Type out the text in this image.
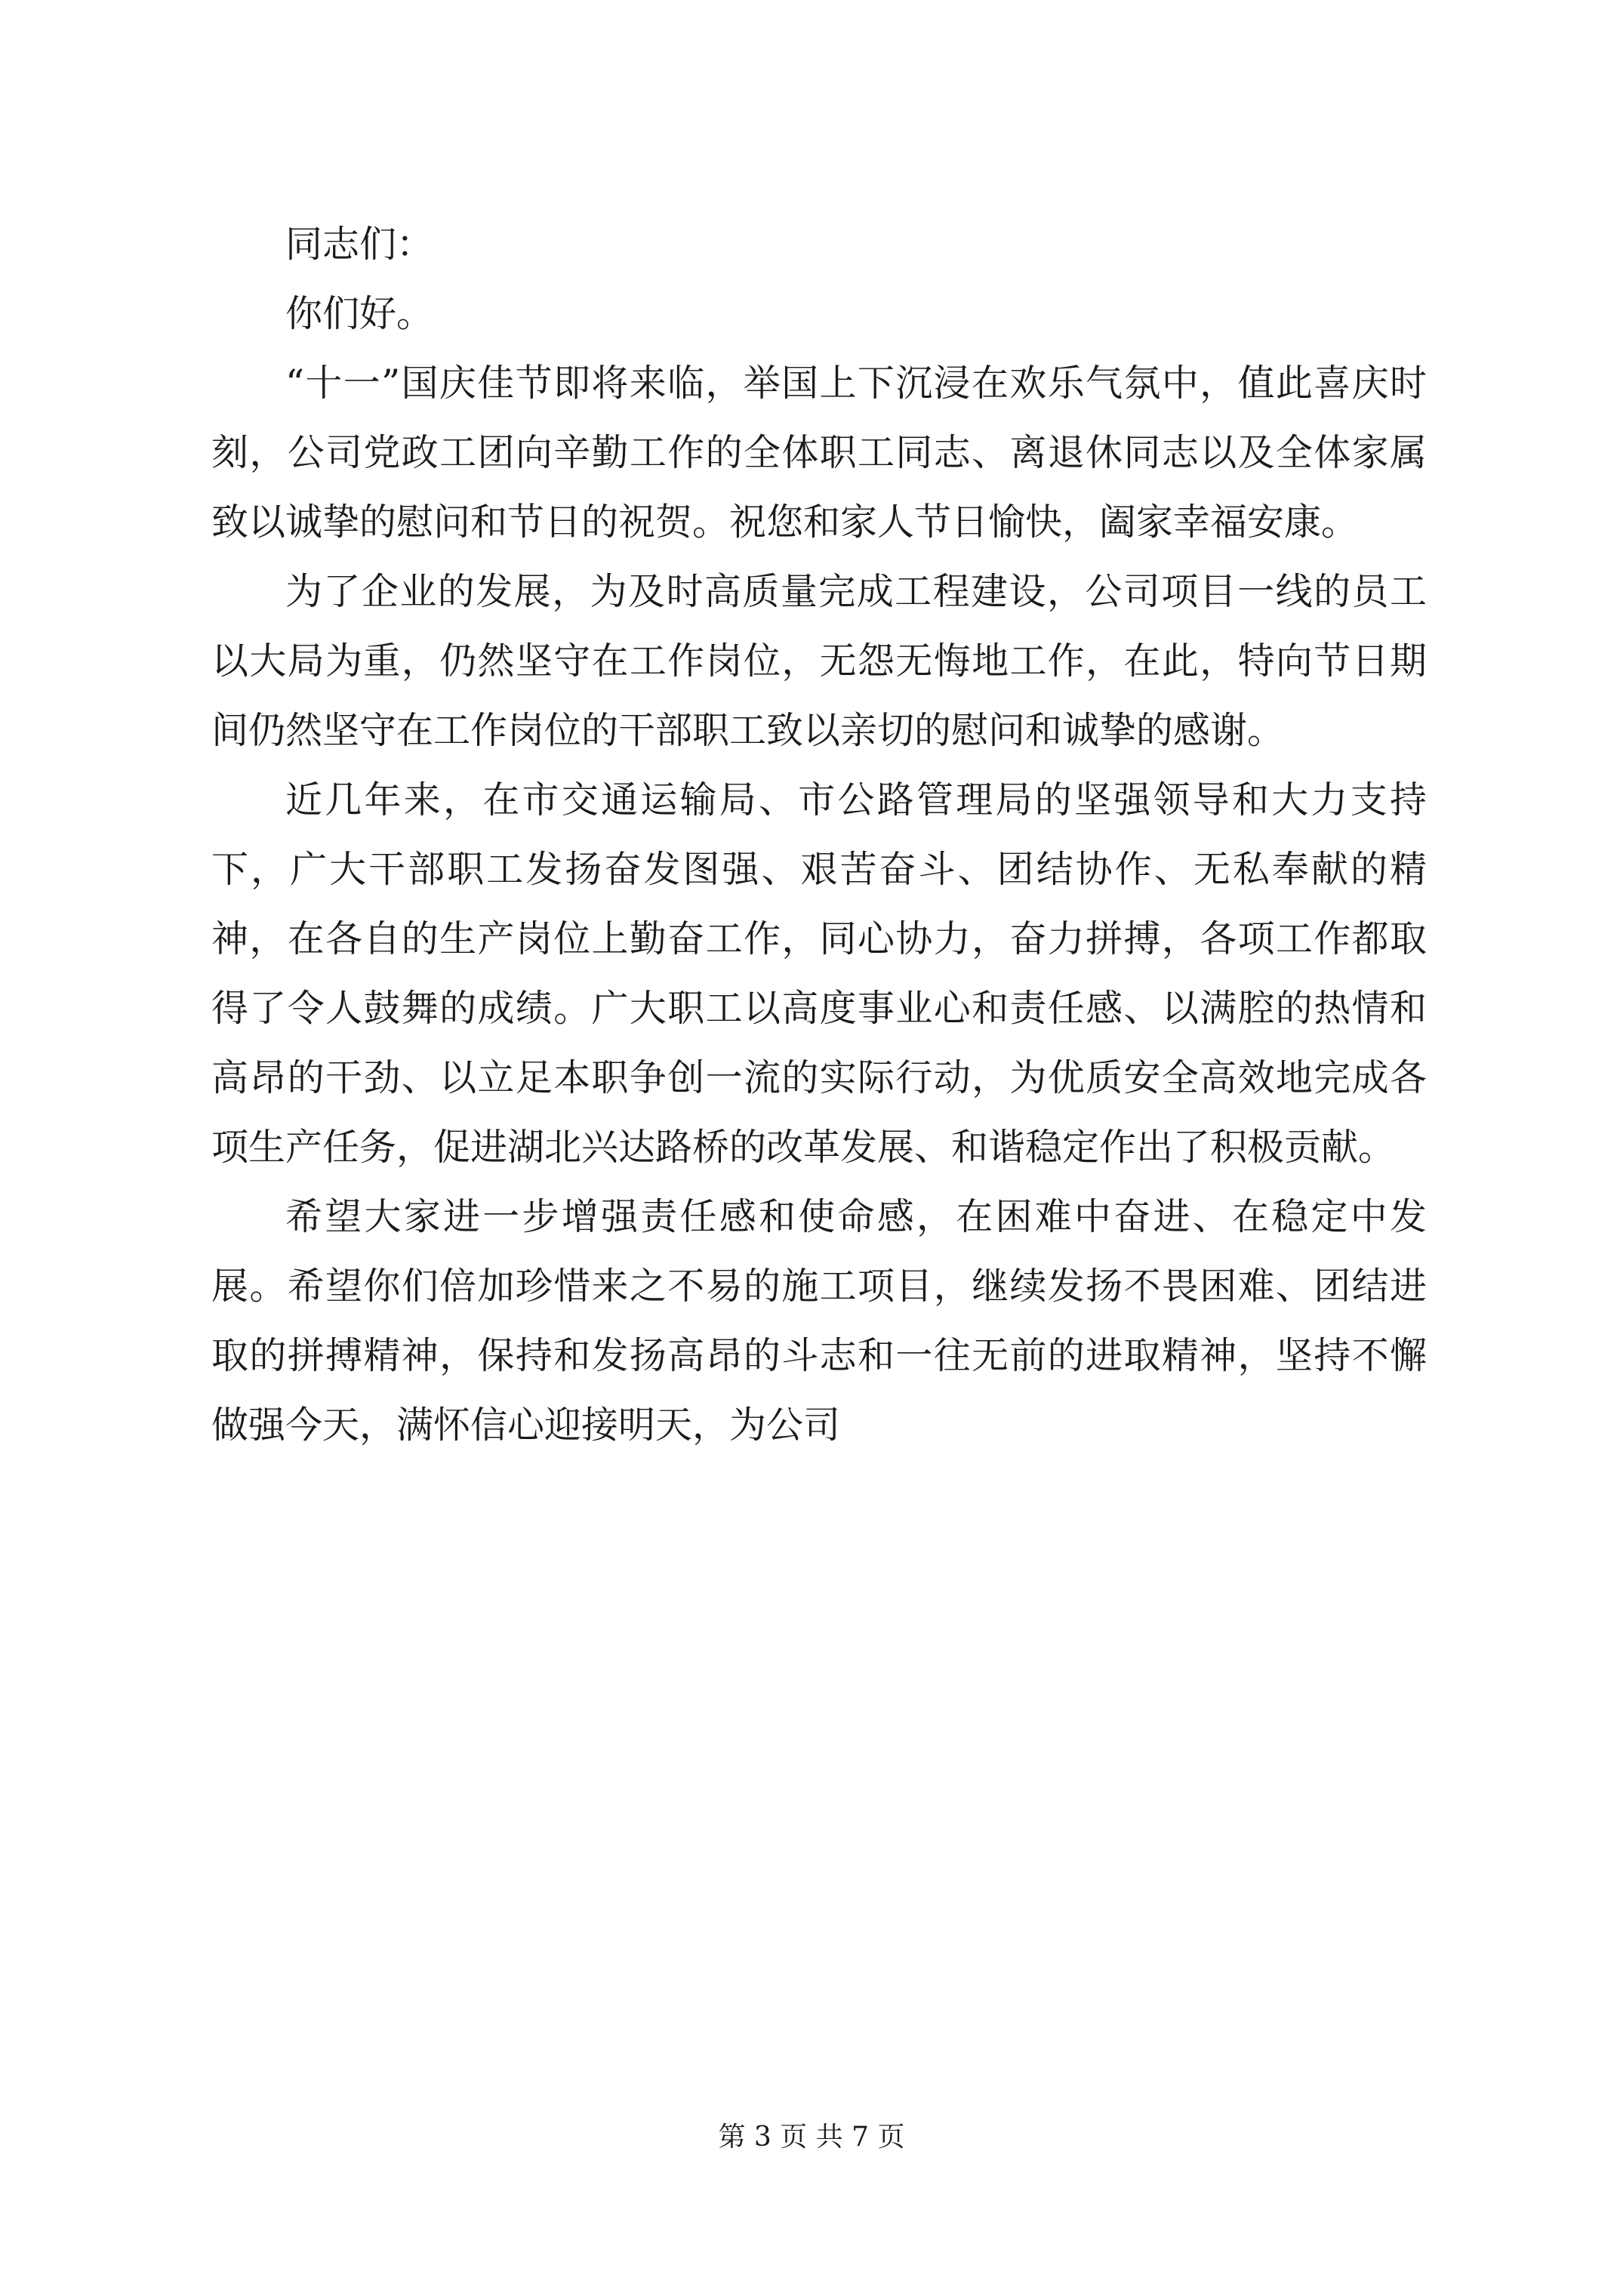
同志们：

你们好。

“十一”国庆佳节即将来临，举国上下沉浸在欢乐气氛中，值此喜庆时刻，公司党政工团向辛勤工作的全体职工同志、离退休同志以及全体家属致以诚挚的慰问和节日的祝贺。祝您和家人节日愉快，阖家幸福安康。

为了企业的发展，为及时高质量完成工程建设，公司项目一线的员工以大局为重，仍然坚守在工作岗位，无怨无悔地工作，在此，特向节日期间仍然坚守在工作岗位的干部职工致以亲切的慰问和诚挚的感谢。

近几年来，在市交通运输局、市公路管理局的坚强领导和大力支持下，广大干部职工发扬奋发图强、艰苦奋斗、团结协作、无私奉献的精神，在各自的生产岗位上勤奋工作，同心协力，奋力拼搏，各项工作都取得了令人鼓舞的成绩。广大职工以高度事业心和责任感、以满腔的热情和高昂的干劲、以立足本职争创一流的实际行动，为优质安全高效地完成各项生产任务，促进湖北兴达路桥的改革发展、和谐稳定作出了积极贡献。

希望大家进一步增强责任感和使命感，在困难中奋进、在稳定中发展。希望你们倍加珍惜来之不易的施工项目，继续发扬不畏困难、团结进取的拼搏精神，保持和发扬高昂的斗志和一往无前的进取精神，坚持不懈做强今天，满怀信心迎接明天，为公司

第 3 页 共 7 页
